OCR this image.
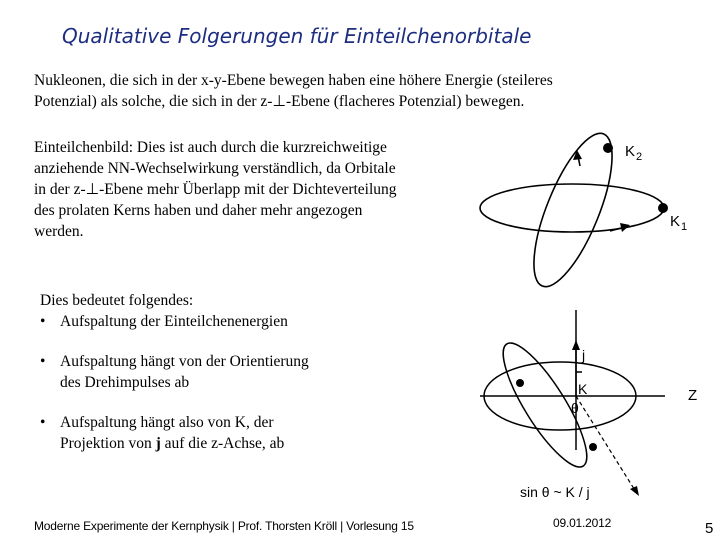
Qualitative Folgerungen für Einteilchenorbitale
Nukleonen, die sich in der x-y-Ebene bewegen haben eine höhere Energie (steileres
Potenzial) als solche, die sich in der z-⊥-Ebene (flacheres Potenzial) bewegen.
Einteilchenbild: Dies ist auch durch die kurzreichweitige
anziehende NN-Wechselwirkung verständlich, da Orbitale
in der z-⊥-Ebene mehr Überlapp mit der Dichteverteilung
des prolaten Kerns haben und daher mehr angezogen
werden.
Dies bedeutet folgendes:
• Aufspaltung der Einteilchenenergien
• Aufspaltung hängt von der Orientierung
des Drehimpulses ab
• Aufspaltung hängt also von K, der
Projektion von j auf die z-Achse, ab
K 2
K 1
j
K
θ
Z
sin θ ~ K / j
Moderne Experimente der Kernphysik | Prof. Thorsten Kröll | Vorlesung 15	09.01.2012	5
